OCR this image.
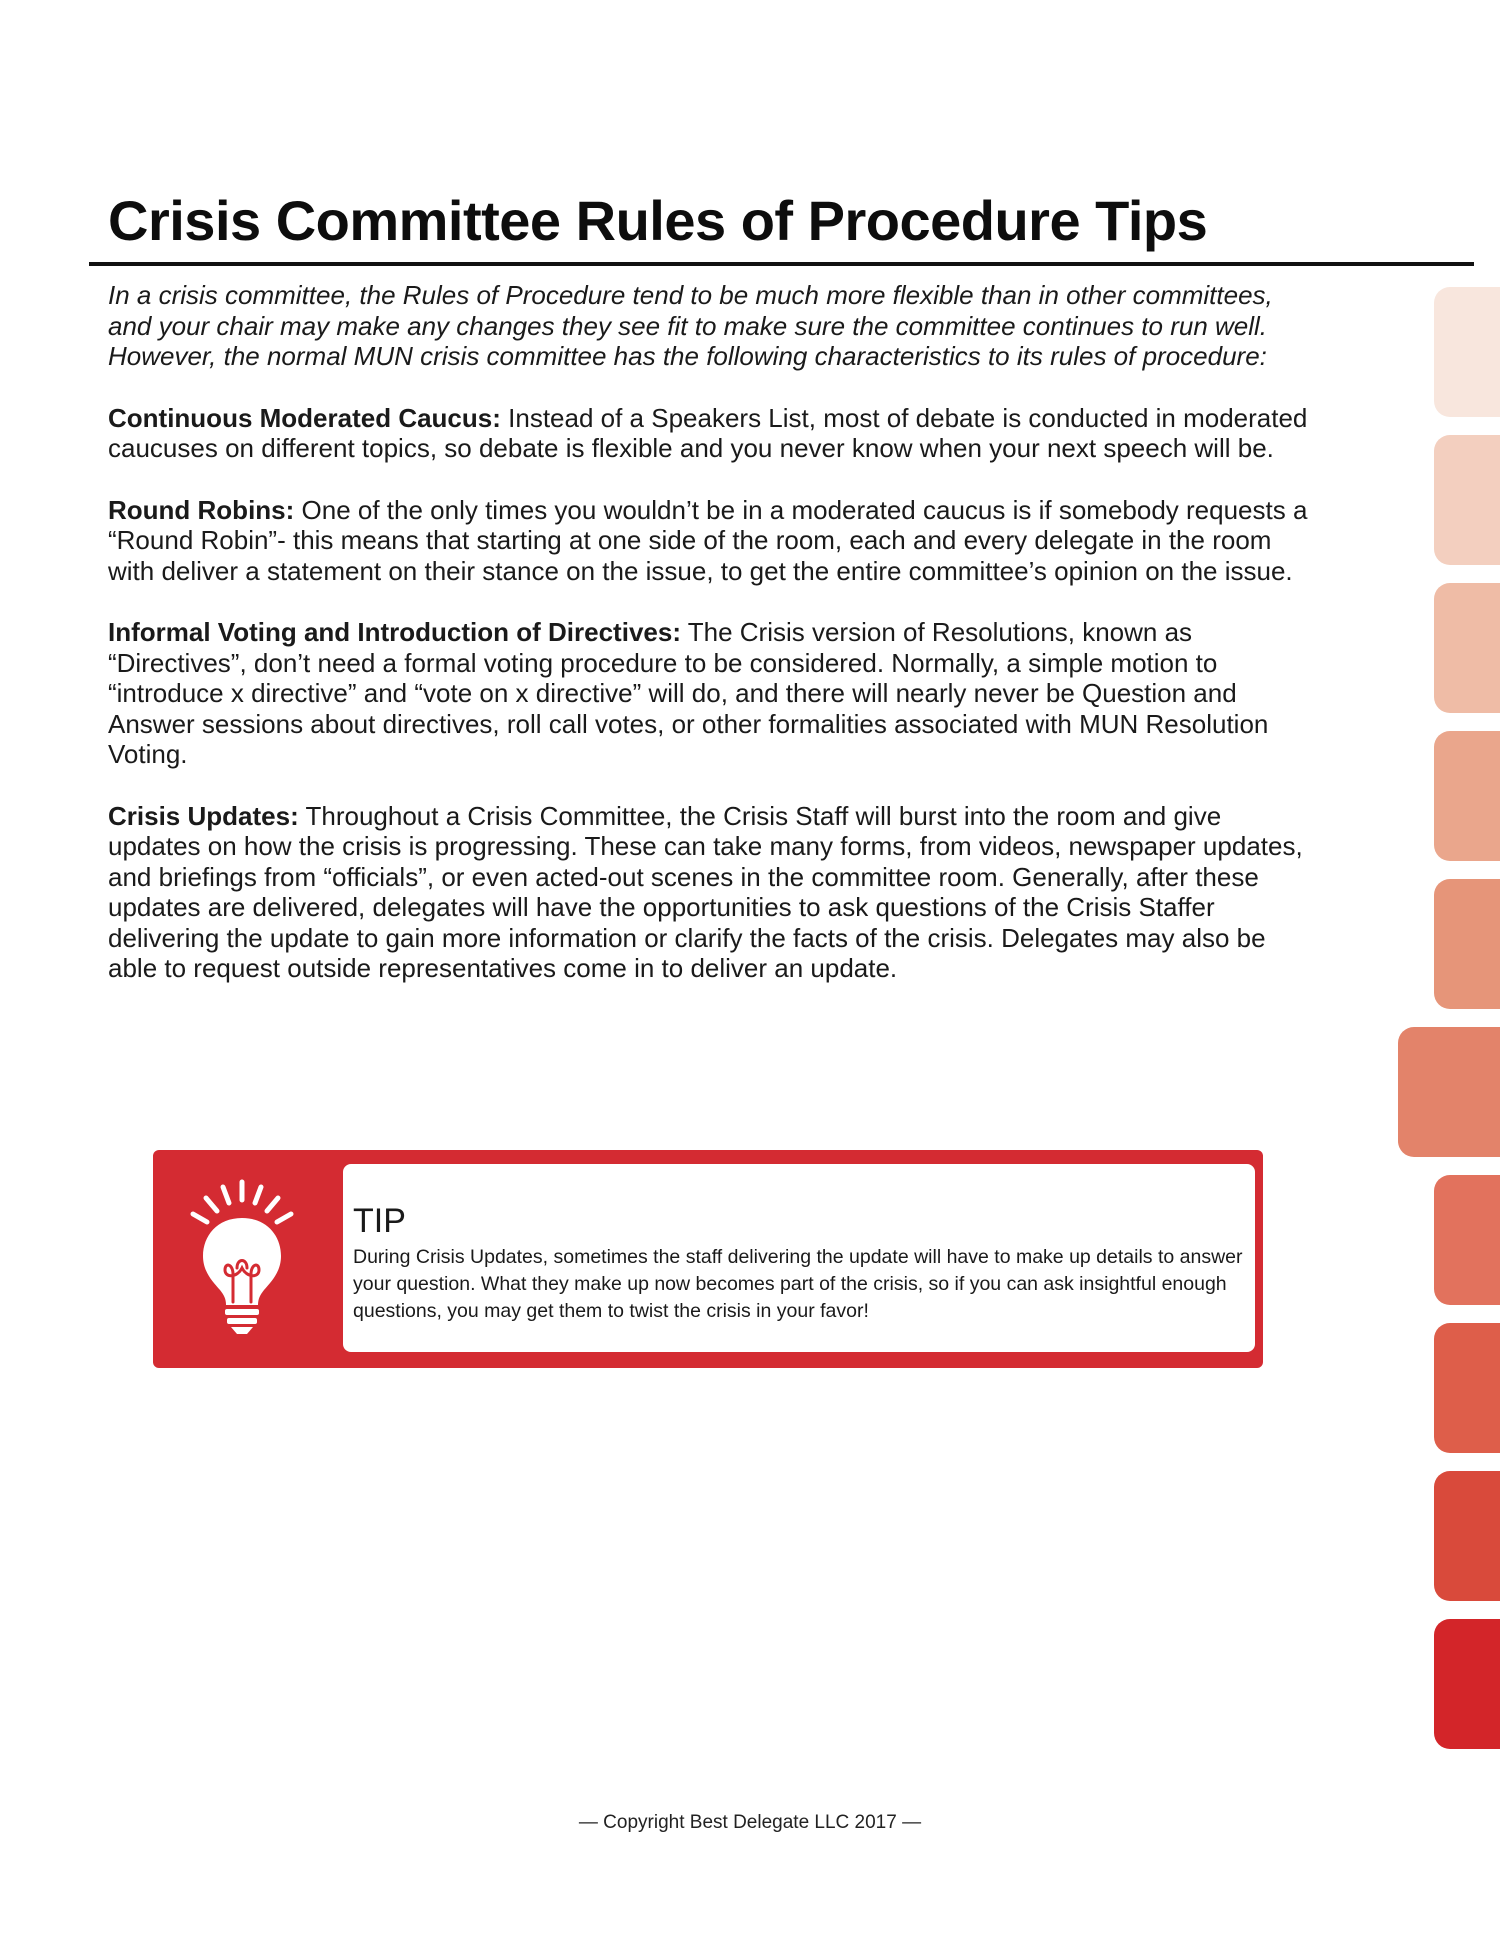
Crisis Committee Rules of Procedure Tips

In a crisis committee, the Rules of Procedure tend to be much more flexible than in other committees, and your chair may make any changes they see fit to make sure the committee continues to run well. However, the normal MUN crisis committee has the following characteristics to its rules of procedure:

Continuous Moderated Caucus: Instead of a Speakers List, most of debate is conducted in moderated caucuses on different topics, so debate is flexible and you never know when your next speech will be.

Round Robins: One of the only times you wouldn’t be in a moderated caucus is if somebody requests a “Round Robin”- this means that starting at one side of the room, each and every delegate in the room with deliver a statement on their stance on the issue, to get the entire committee’s opinion on the issue.

Informal Voting and Introduction of Directives: The Crisis version of Resolutions, known as “Directives”, don’t need a formal voting procedure to be considered. Normally, a simple motion to “introduce x directive” and “vote on x directive” will do, and there will nearly never be Question and Answer sessions about directives, roll call votes, or other formalities associated with MUN Resolution Voting.

Crisis Updates: Throughout a Crisis Committee, the Crisis Staff will burst into the room and give updates on how the crisis is progressing. These can take many forms, from videos, newspaper updates, and briefings from “officials”, or even acted-out scenes in the committee room. Generally, after these updates are delivered, delegates will have the opportunities to ask questions of the Crisis Staffer delivering the update to gain more information or clarify the facts of the crisis. Delegates may also be able to request outside representatives come in to deliver an update.

TIP

During Crisis Updates, sometimes the staff delivering the update will have to make up details to answer your question. What they make up now becomes part of the crisis, so if you can ask insightful enough questions, you may get them to twist the crisis in your favor!

— Copyright Best Delegate LLC 2017 —
